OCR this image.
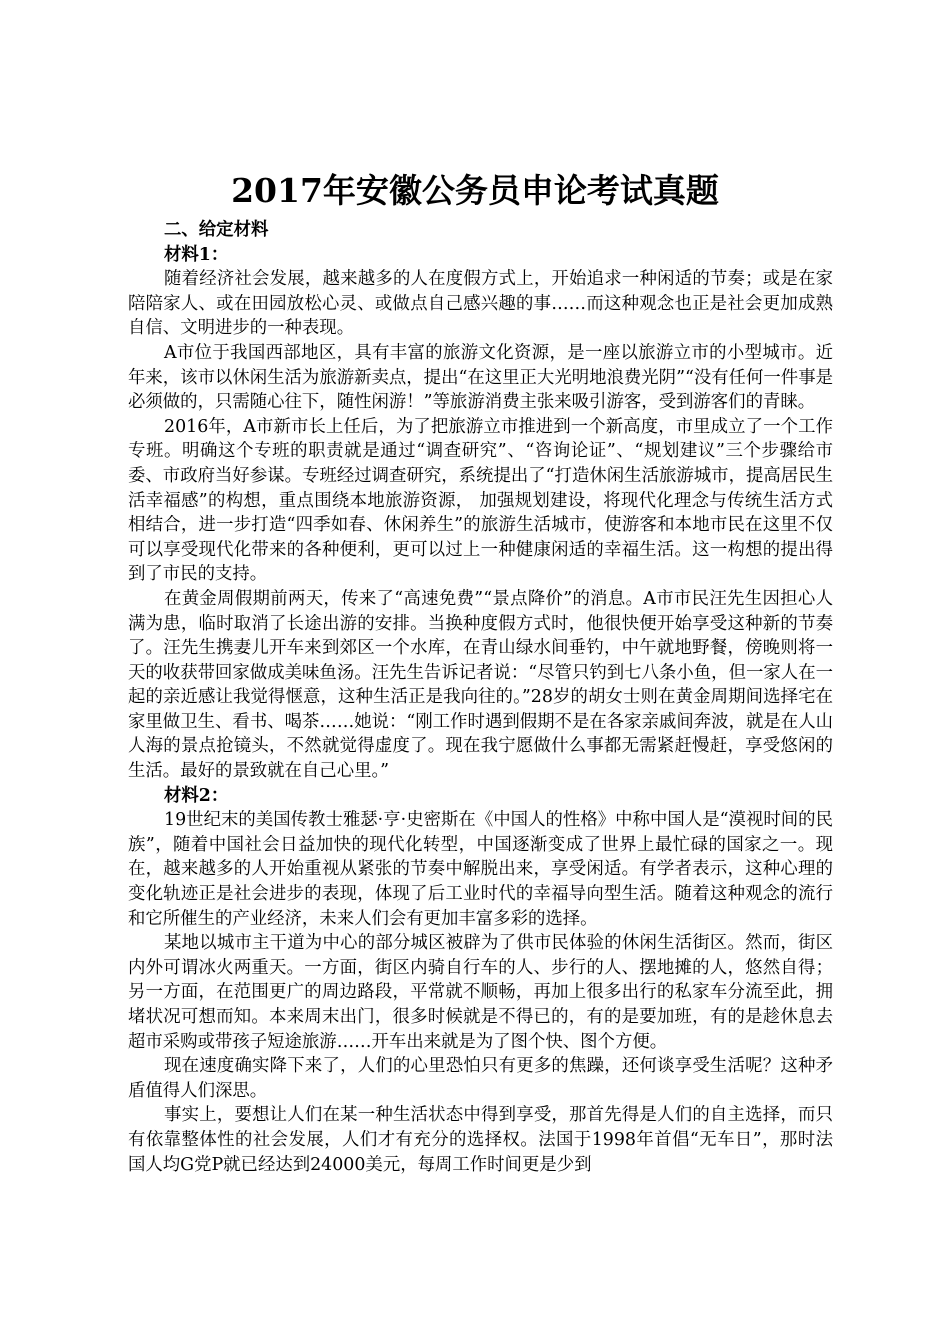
2017年安徽公务员申论考试真题

二、给定材料

材料1：

随着经济社会发展，越来越多的人在度假方式上，开始追求一种闲适的节奏；或是在家陪陪家人、或在田园放松心灵、或做点自己感兴趣的事……而这种观念也正是社会更加成熟自信、文明进步的一种表现。

A市位于我国西部地区，具有丰富的旅游文化资源，是一座以旅游立市的小型城市。近年来，该市以休闲生活为旅游新卖点，提出“在这里正大光明地浪费光阴”“没有任何一件事是必须做的，只需随心往下，随性闲游！”等旅游消费主张来吸引游客，受到游客们的青睐。

2016年，A市新市长上任后，为了把旅游立市推进到一个新高度，市里成立了一个工作专班。明确这个专班的职责就是通过“调查研究”、“咨询论证”、“规划建议”三个步骤给市委、市政府当好参谋。专班经过调查研究，系统提出了“打造休闲生活旅游城市，提高居民生活幸福感”的构想，重点围绕本地旅游资源， 加强规划建设，将现代化理念与传统生活方式相结合，进一步打造“四季如春、休闲养生”的旅游生活城市，使游客和本地市民在这里不仅可以享受现代化带来的各种便利，更可以过上一种健康闲适的幸福生活。这一构想的提出得到了市民的支持。

在黄金周假期前两天，传来了“高速免费”“景点降价”的消息。A市市民汪先生因担心人满为患，临时取消了长途出游的安排。当换种度假方式时，他很快便开始享受这种新的节奏了。汪先生携妻儿开车来到郊区一个水库，在青山绿水间垂钓，中午就地野餐，傍晚则将一天的收获带回家做成美味鱼汤。汪先生告诉记者说：“尽管只钓到七八条小鱼，但一家人在一起的亲近感让我觉得惬意，这种生活正是我向往的。”28岁的胡女士则在黄金周期间选择宅在家里做卫生、看书、喝茶……她说：“刚工作时遇到假期不是在各家亲戚间奔波，就是在人山人海的景点抢镜头，不然就觉得虚度了。现在我宁愿做什么事都无需紧赶慢赶，享受悠闲的生活。最好的景致就在自己心里。”

材料2：

19世纪末的美国传教士雅瑟·亨·史密斯在《中国人的性格》中称中国人是“漠视时间的民族”，随着中国社会日益加快的现代化转型，中国逐渐变成了世界上最忙碌的国家之一。现在，越来越多的人开始重视从紧张的节奏中解脱出来，享受闲适。有学者表示，这种心理的变化轨迹正是社会进步的表现，体现了后工业时代的幸福导向型生活。随着这种观念的流行和它所催生的产业经济，未来人们会有更加丰富多彩的选择。

某地以城市主干道为中心的部分城区被辟为了供市民体验的休闲生活街区。然而，街区内外可谓冰火两重天。一方面，街区内骑自行车的人、步行的人、摆地摊的人，悠然自得；另一方面，在范围更广的周边路段，平常就不顺畅，再加上很多出行的私家车分流至此，拥堵状况可想而知。本来周末出门，很多时候就是不得已的，有的是要加班，有的是趁休息去超市采购或带孩子短途旅游……开车出来就是为了图个快、图个方便。

现在速度确实降下来了，人们的心里恐怕只有更多的焦躁，还何谈享受生活呢？这种矛盾值得人们深思。

事实上，要想让人们在某一种生活状态中得到享受，那首先得是人们的自主选择，而只有依靠整体性的社会发展，人们才有充分的选择权。法国于1998年首倡“无车日”，那时法国人均G党P就已经达到24000美元，每周工作时间更是少到
